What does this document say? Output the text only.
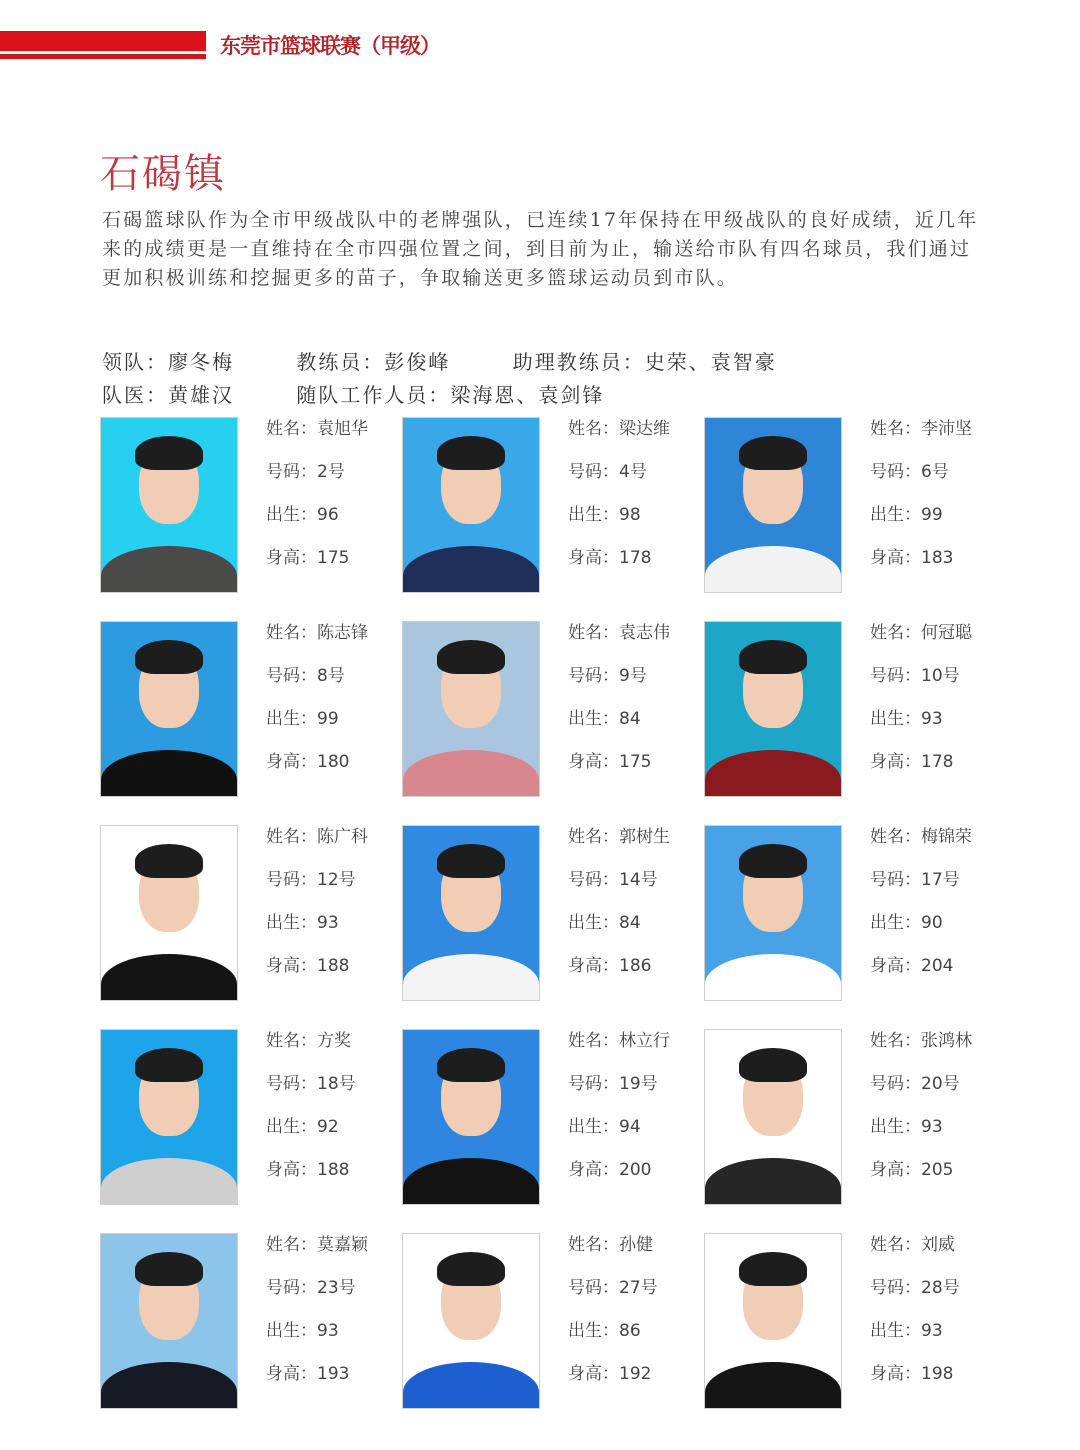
东莞市篮球联赛（甲级）
石碣镇
石碣篮球队作为全市甲级战队中的老牌强队，已连续17年保持在甲级战队的良好成绩，近几年来的成绩更是一直维持在全市四强位置之间，到目前为止，输送给市队有四名球员，我们通过更加积极训练和挖掘更多的苗子，争取输送更多篮球运动员到市队。
领队：廖冬梅	教练员：彭俊峰	助理教练员：史荣、袁智豪
队医：黄雄汉	随队工作人员：梁海恩、袁剑锋
姓名：袁旭华
号码：2号
出生：96
身高：175
姓名：梁达维
号码：4号
出生：98
身高：178
姓名：李沛坚
号码：6号
出生：99
身高：183
姓名：陈志锋
号码：8号
出生：99
身高：180
姓名：袁志伟
号码：9号
出生：84
身高：175
姓名：何冠聪
号码：10号
出生：93
身高：178
姓名：陈广科
号码：12号
出生：93
身高：188
姓名：郭树生
号码：14号
出生：84
身高：186
姓名：梅锦荣
号码：17号
出生：90
身高：204
姓名：方奖
号码：18号
出生：92
身高：188
姓名：林立行
号码：19号
出生：94
身高：200
姓名：张鸿林
号码：20号
出生：93
身高：205
姓名：莫嘉颖
号码：23号
出生：93
身高：193
姓名：孙健
号码：27号
出生：86
身高：192
姓名：刘威
号码：28号
出生：93
身高：198
